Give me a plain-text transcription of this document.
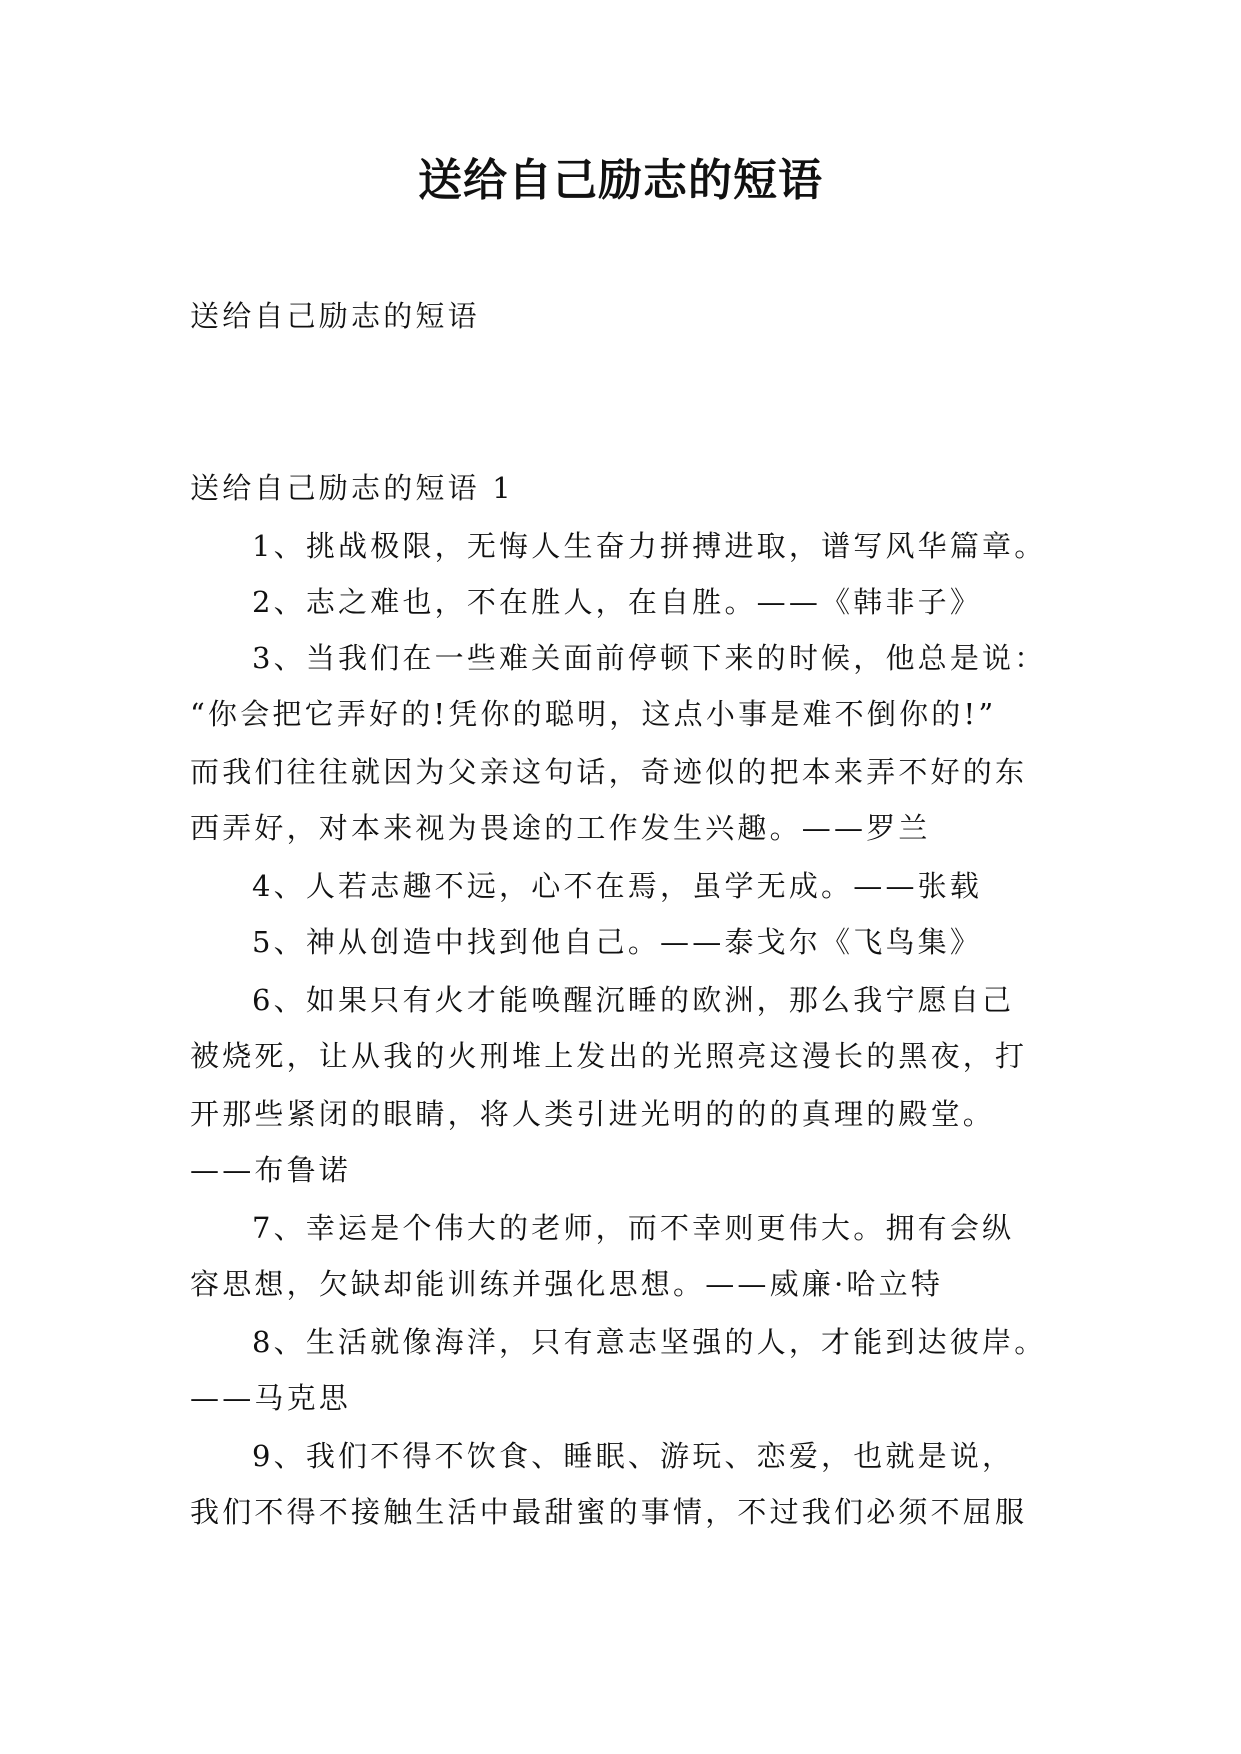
送给自己励志的短语
送给自己励志的短语
送给自己励志的短语 1
1、挑战极限，无悔人生奋力拼搏进取，谱写风华篇章。
2、志之难也，不在胜人，在自胜。——《韩非子》
3、当我们在一些难关面前停顿下来的时候，他总是说：
“你会把它弄好的!凭你的聪明，这点小事是难不倒你的!”
而我们往往就因为父亲这句话，奇迹似的把本来弄不好的东
西弄好，对本来视为畏途的工作发生兴趣。——罗兰
4、人若志趣不远，心不在焉，虽学无成。——张载
5、神从创造中找到他自己。——泰戈尔《飞鸟集》
6、如果只有火才能唤醒沉睡的欧洲，那么我宁愿自己
被烧死，让从我的火刑堆上发出的光照亮这漫长的黑夜，打
开那些紧闭的眼睛，将人类引进光明的的的真理的殿堂。
——布鲁诺
7、幸运是个伟大的老师，而不幸则更伟大。拥有会纵
容思想，欠缺却能训练并强化思想。——威廉·哈立特
8、生活就像海洋，只有意志坚强的人，才能到达彼岸。
——马克思
9、我们不得不饮食、睡眠、游玩、恋爱，也就是说，
我们不得不接触生活中最甜蜜的事情，不过我们必须不屈服
